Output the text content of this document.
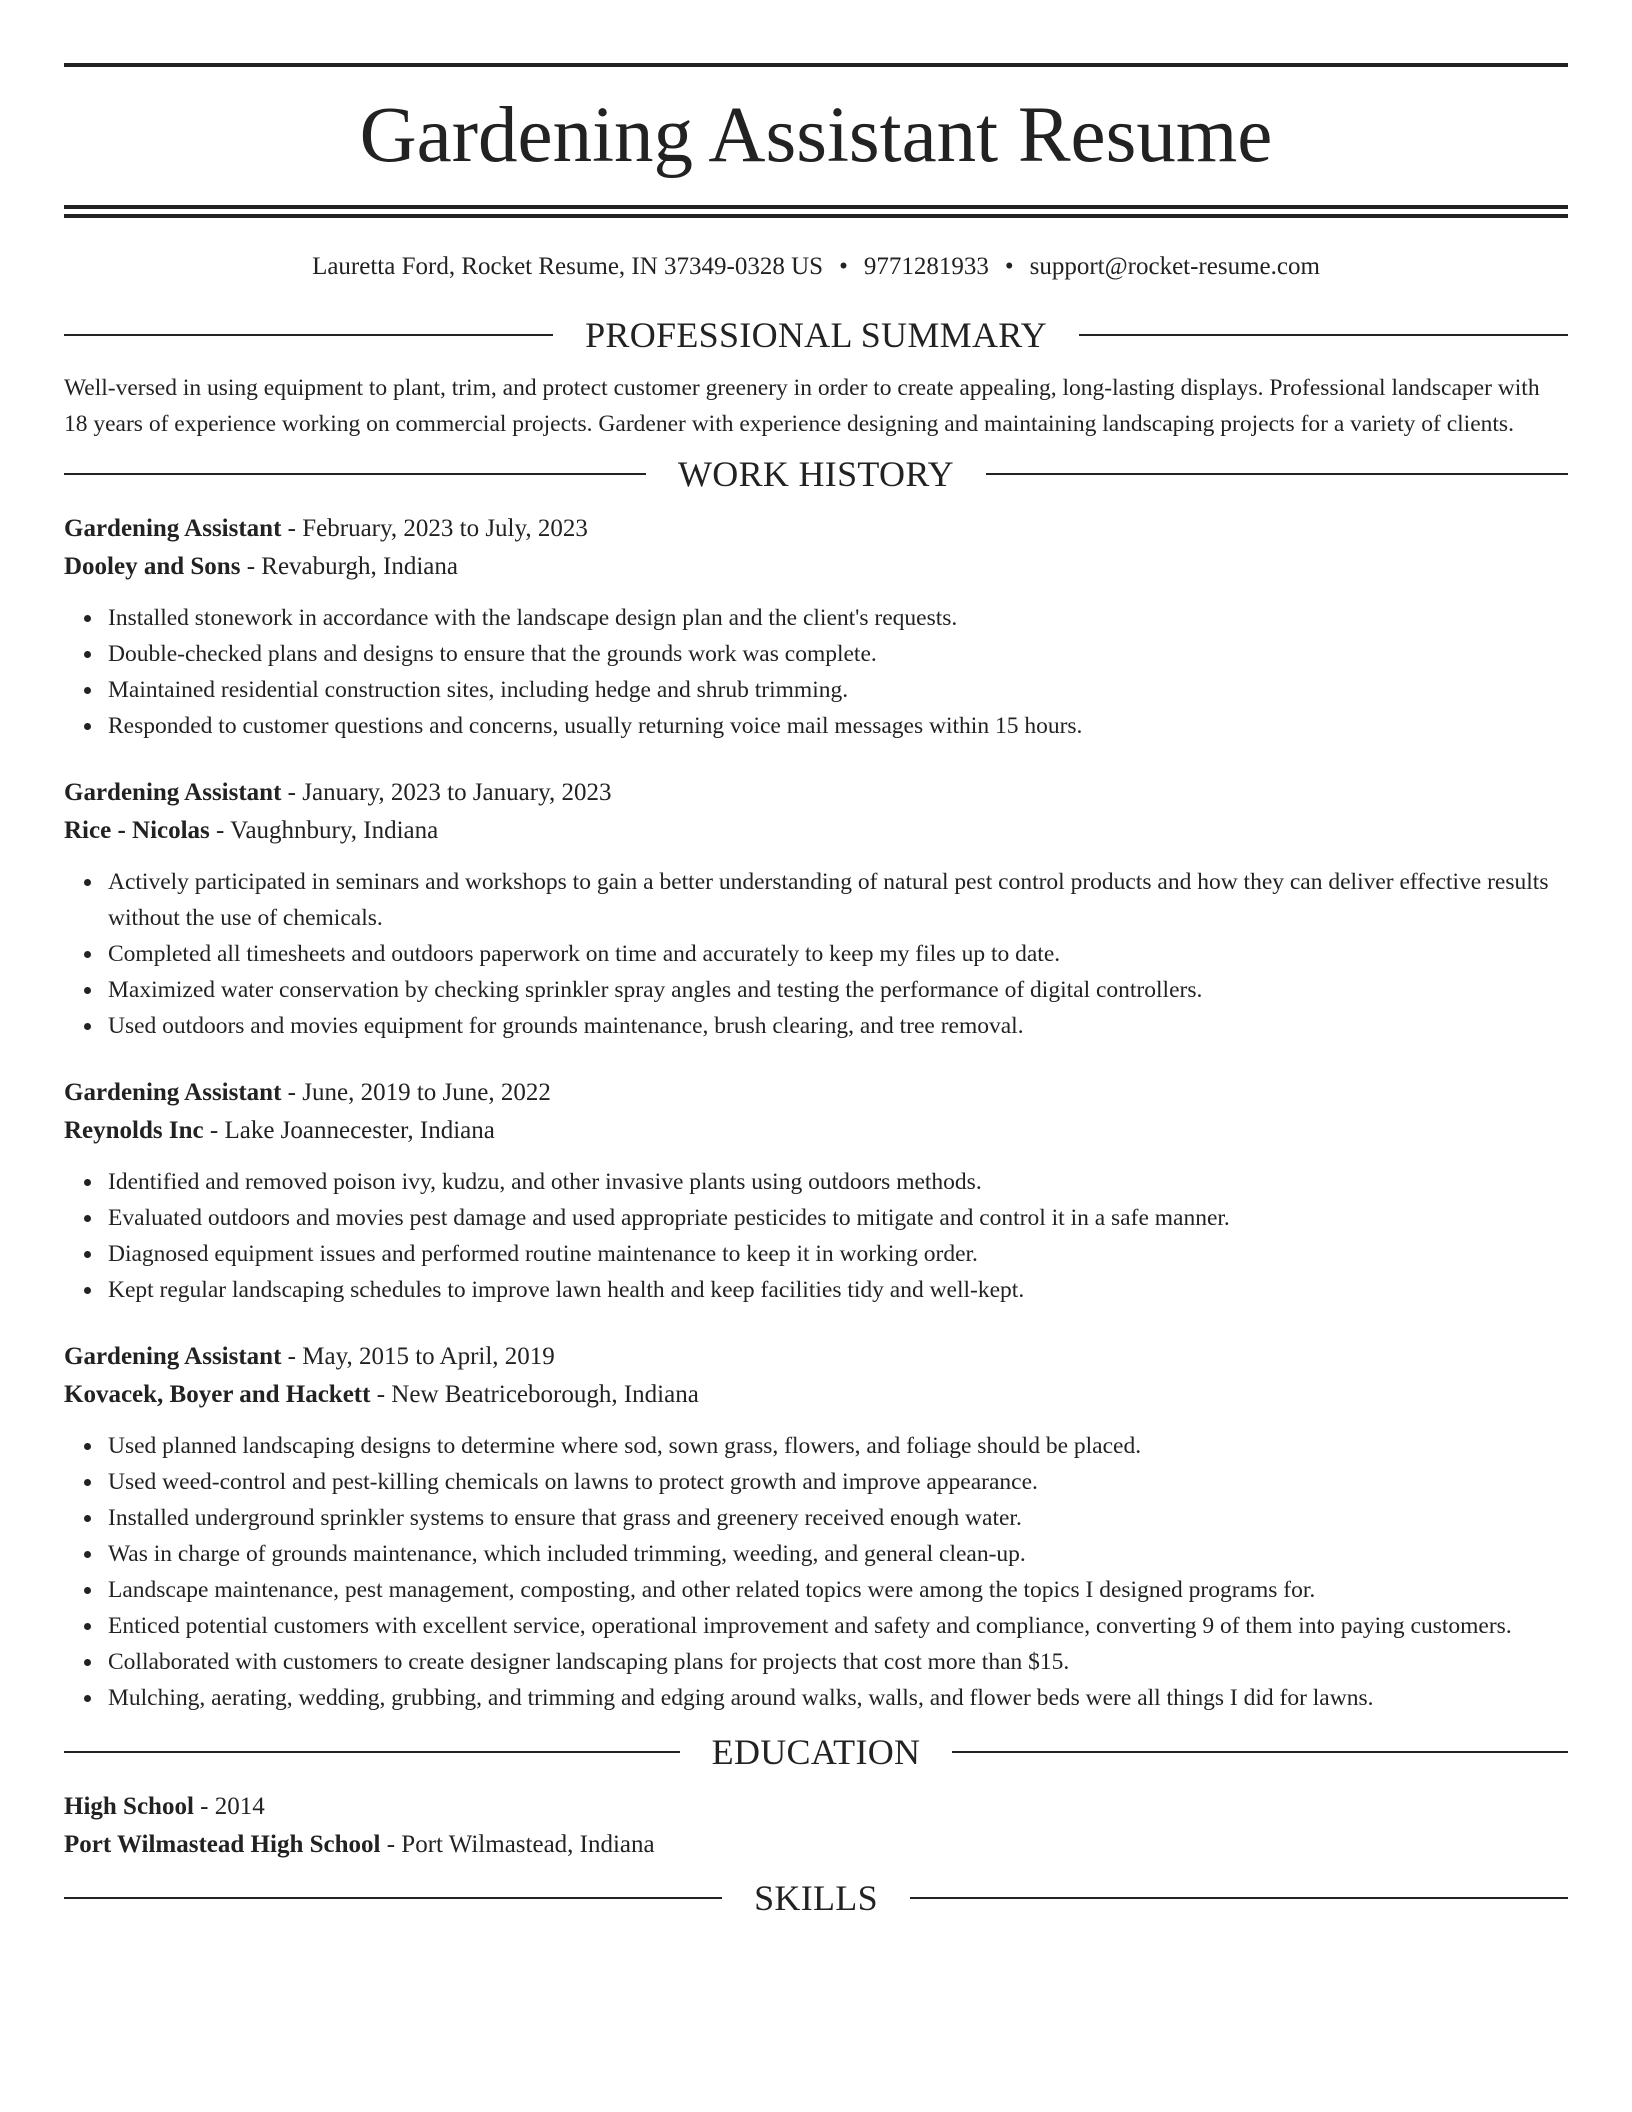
Gardening Assistant Resume
Lauretta Ford, Rocket Resume, IN 37349-0328 US • 9771281933 • support@rocket-resume.com
PROFESSIONAL SUMMARY

Well-versed in using equipment to plant, trim, and protect customer greenery in order to create appealing, long-lasting displays. Professional landscaper with 18 years of experience working on commercial projects. Gardener with experience designing and maintaining landscaping projects for a variety of clients.

WORK HISTORY
Gardening Assistant - February, 2023 to July, 2023
Dooley and Sons - Revaburgh, Indiana
Installed stonework in accordance with the landscape design plan and the client's requests.
Double-checked plans and designs to ensure that the grounds work was complete.
Maintained residential construction sites, including hedge and shrub trimming.
Responded to customer questions and concerns, usually returning voice mail messages within 15 hours.
Gardening Assistant - January, 2023 to January, 2023
Rice - Nicolas - Vaughnbury, Indiana
Actively participated in seminars and workshops to gain a better understanding of natural pest control products and how they can deliver effective results without the use of chemicals.
Completed all timesheets and outdoors paperwork on time and accurately to keep my files up to date.
Maximized water conservation by checking sprinkler spray angles and testing the performance of digital controllers.
Used outdoors and movies equipment for grounds maintenance, brush clearing, and tree removal.
Gardening Assistant - June, 2019 to June, 2022
Reynolds Inc - Lake Joannecester, Indiana
Identified and removed poison ivy, kudzu, and other invasive plants using outdoors methods.
Evaluated outdoors and movies pest damage and used appropriate pesticides to mitigate and control it in a safe manner.
Diagnosed equipment issues and performed routine maintenance to keep it in working order.
Kept regular landscaping schedules to improve lawn health and keep facilities tidy and well-kept.
Gardening Assistant - May, 2015 to April, 2019
Kovacek, Boyer and Hackett - New Beatriceborough, Indiana
Used planned landscaping designs to determine where sod, sown grass, flowers, and foliage should be placed.
Used weed-control and pest-killing chemicals on lawns to protect growth and improve appearance.
Installed underground sprinkler systems to ensure that grass and greenery received enough water.
Was in charge of grounds maintenance, which included trimming, weeding, and general clean-up.
Landscape maintenance, pest management, composting, and other related topics were among the topics I designed programs for.
Enticed potential customers with excellent service, operational improvement and safety and compliance, converting 9 of them into paying customers.
Collaborated with customers to create designer landscaping plans for projects that cost more than $15.
Mulching, aerating, wedding, grubbing, and trimming and edging around walks, walls, and flower beds were all things I did for lawns.
EDUCATION
High School - 2014
Port Wilmastead High School - Port Wilmastead, Indiana
SKILLS
